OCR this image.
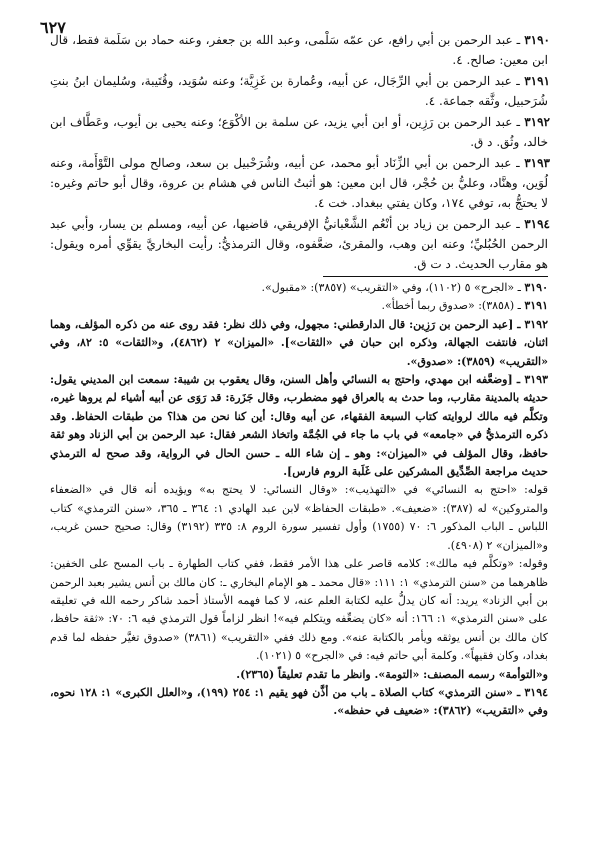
٦٢٧

٣١٩٠ ـ عبد الرحمن بن أبي رافع، عن عمّه سَلْمى، وعبد الله بن جعفر، وعنه حماد بن سَلَمة فقط، قال ابن معين: صالح. ٤.

٣١٩١ ـ عبد الرحمن بن أبي الرِّجَال، عن أبيه، وعُمارة بن غَزِيَّة؛ وعنه سُوَيد، وقُتَيبة، وسُليمان ابنُ بنتِ شُرَحبيل، وثَّقه جماعة. ٤.

٣١٩٢ ـ عبد الرحمن بن رَزِين، أو ابن أبي يزيد، عن سلمة بن الأكْوَع؛ وعنه يحيى بن أيوب، وعَطَّاف ابن خالد، وثُق. د ق.

٣١٩٣ ـ عبد الرحمن بن أبي الزِّنَاد أبو محمد، عن أبيه، وشُرَحْبيل بن سعد، وصالح مولى التَّوْأَمة، وعنه لُوَين، وهنَّاد، وعليُّ بن حُجْر، قال ابن معين: هو أثبتُ الناس في هشام بن عروة، وقال أبو حاتم وغيره: لا يحتجُّ به، توفي ١٧٤، وكان يفتي ببغداد. خت ٤.

٣١٩٤ ـ عبد الرحمن بن زياد بن أنْعُم الشَّعْبانيُّ الإفريقي، قاضيها، عن أبيه، ومسلم بن يسار، وأبي عبد الرحمن الحُبُليِّ؛ وعنه ابن وهب، والمقرئ، ضعَّفوه، وقال الترمذيُّ: رأيت البخاريَّ يقوِّي أمره ويقول: هو مقارب الحديث. د ت ق.

٣١٩٠ ـ «الجرح» ٥ (١١٠٢)، وفي «التقريب» (٣٨٥٧): «مقبول».

٣١٩١ ـ (٣٨٥٨): «صدوق ربما أخطأ».

٣١٩٢ ـ [عبد الرحمن بن رَزِين: قال الدارقطني: مجهول، وفي ذلك نظر: فقد روى عنه من ذكره المؤلف، وهما اثنان، فانتفت الجهالة، وذكره ابن حبان في «الثقات»]. «الميزان» ٢ (٤٨٦٢)، و«الثقات» ٥: ٨٢، وفي «التقريب» (٣٨٥٩): «صدوق».

٣١٩٣ ـ [وضعَّفه ابن مهدي، واحتج به النسائي وأهل السنن، وقال يعقوب بن شيبة: سمعت ابن المديني يقول: حديثه بالمدينة مقارب، وما حدث به بالعراق فهو مضطرب، وقال جَزَرة: قد رَوَى عن أبيه أشياء لم يروها غيره، وتكلَّم فيه مالك لروايته كتاب السبعة الفقهاء، عن أبيه وقال: أين كنا نحن من هذا؟ من طبقات الحفاظ. وقد ذكره الترمذيُّ في «جامعه» في باب ما جاء في الجُمَّة واتخاذ الشعر فقال: عبد الرحمن بن أبي الزناد وهو ثقة حافظ، وقال المؤلف في «الميزان»: وهو ـ إن شاء الله ـ حسن الحال في الرواية، وقد صحح له الترمذي حديث مراجعة الصِّدِّيق المشركين على غَلَبة الروم فارس].

قوله: «احتج به النسائي» في «التهذيب»: «وقال النسائي: لا يحتج به» ويؤيده أنه قال في «الضعفاء والمتروكين» له (٣٨٧): «ضعيف». «طبقات الحفاظ» لابن عبد الهادي ١: ٣٦٤ ـ ٣٦٥، «سنن الترمذي» كتاب اللباس ـ الباب المذكور ٦: ٧٠ (١٧٥٥) وأول تفسير سورة الروم ٨: ٣٣٥ (٣١٩٢) وقال: صحيح حسن غريب، و«الميزان» ٢ (٤٩٠٨).

وقوله: «وتكلَّم فيه مالك»: كلامه قاصر على هذا الأمر فقط، ففي كتاب الطهارة ـ باب المسح على الخفين: ظاهرهما من «سنن الترمذي» ١: ١١١: «قال محمد ـ هو الإمام البخاري ـ: كان مالك بن أنس يشير بعبد الرحمن بن أبي الزناد» يريد: أنه كان يدلُّ عليه لكتابة العلم عنه، لا كما فهمه الأستاذ أحمد شاكر رحمه الله في تعليقه على «سنن الترمذي» ١: ١٦٦: أنه «كان يضعِّفه ويتكلم فيه»! انظر لزاماً قول الترمذي فيه ٦: ٧٠: «ثقة حافظ، كان مالك بن أنس يوثقه ويأمر بالكتابة عنه». ومع ذلك ففي «التقريب» (٣٨٦١) «صدوق تغيَّر حفظه لما قدم بغداد، وكان فقيهاً». وكلمة أبي حاتم فيه: في «الجرح» ٥ (١٠٢١).

و«التوأمة» رسمه المصنف: «التومة». وانظر ما تقدم تعليقاً (٢٣٦٥).

٣١٩٤ ـ «سنن الترمذي» كتاب الصلاة ـ باب من أذَّن فهو يقيم ١: ٢٥٤ (١٩٩)، و«العلل الكبرى» ١: ١٢٨ نحوه، وفي «التقريب» (٣٨٦٢): «ضعيف في حفظه».
